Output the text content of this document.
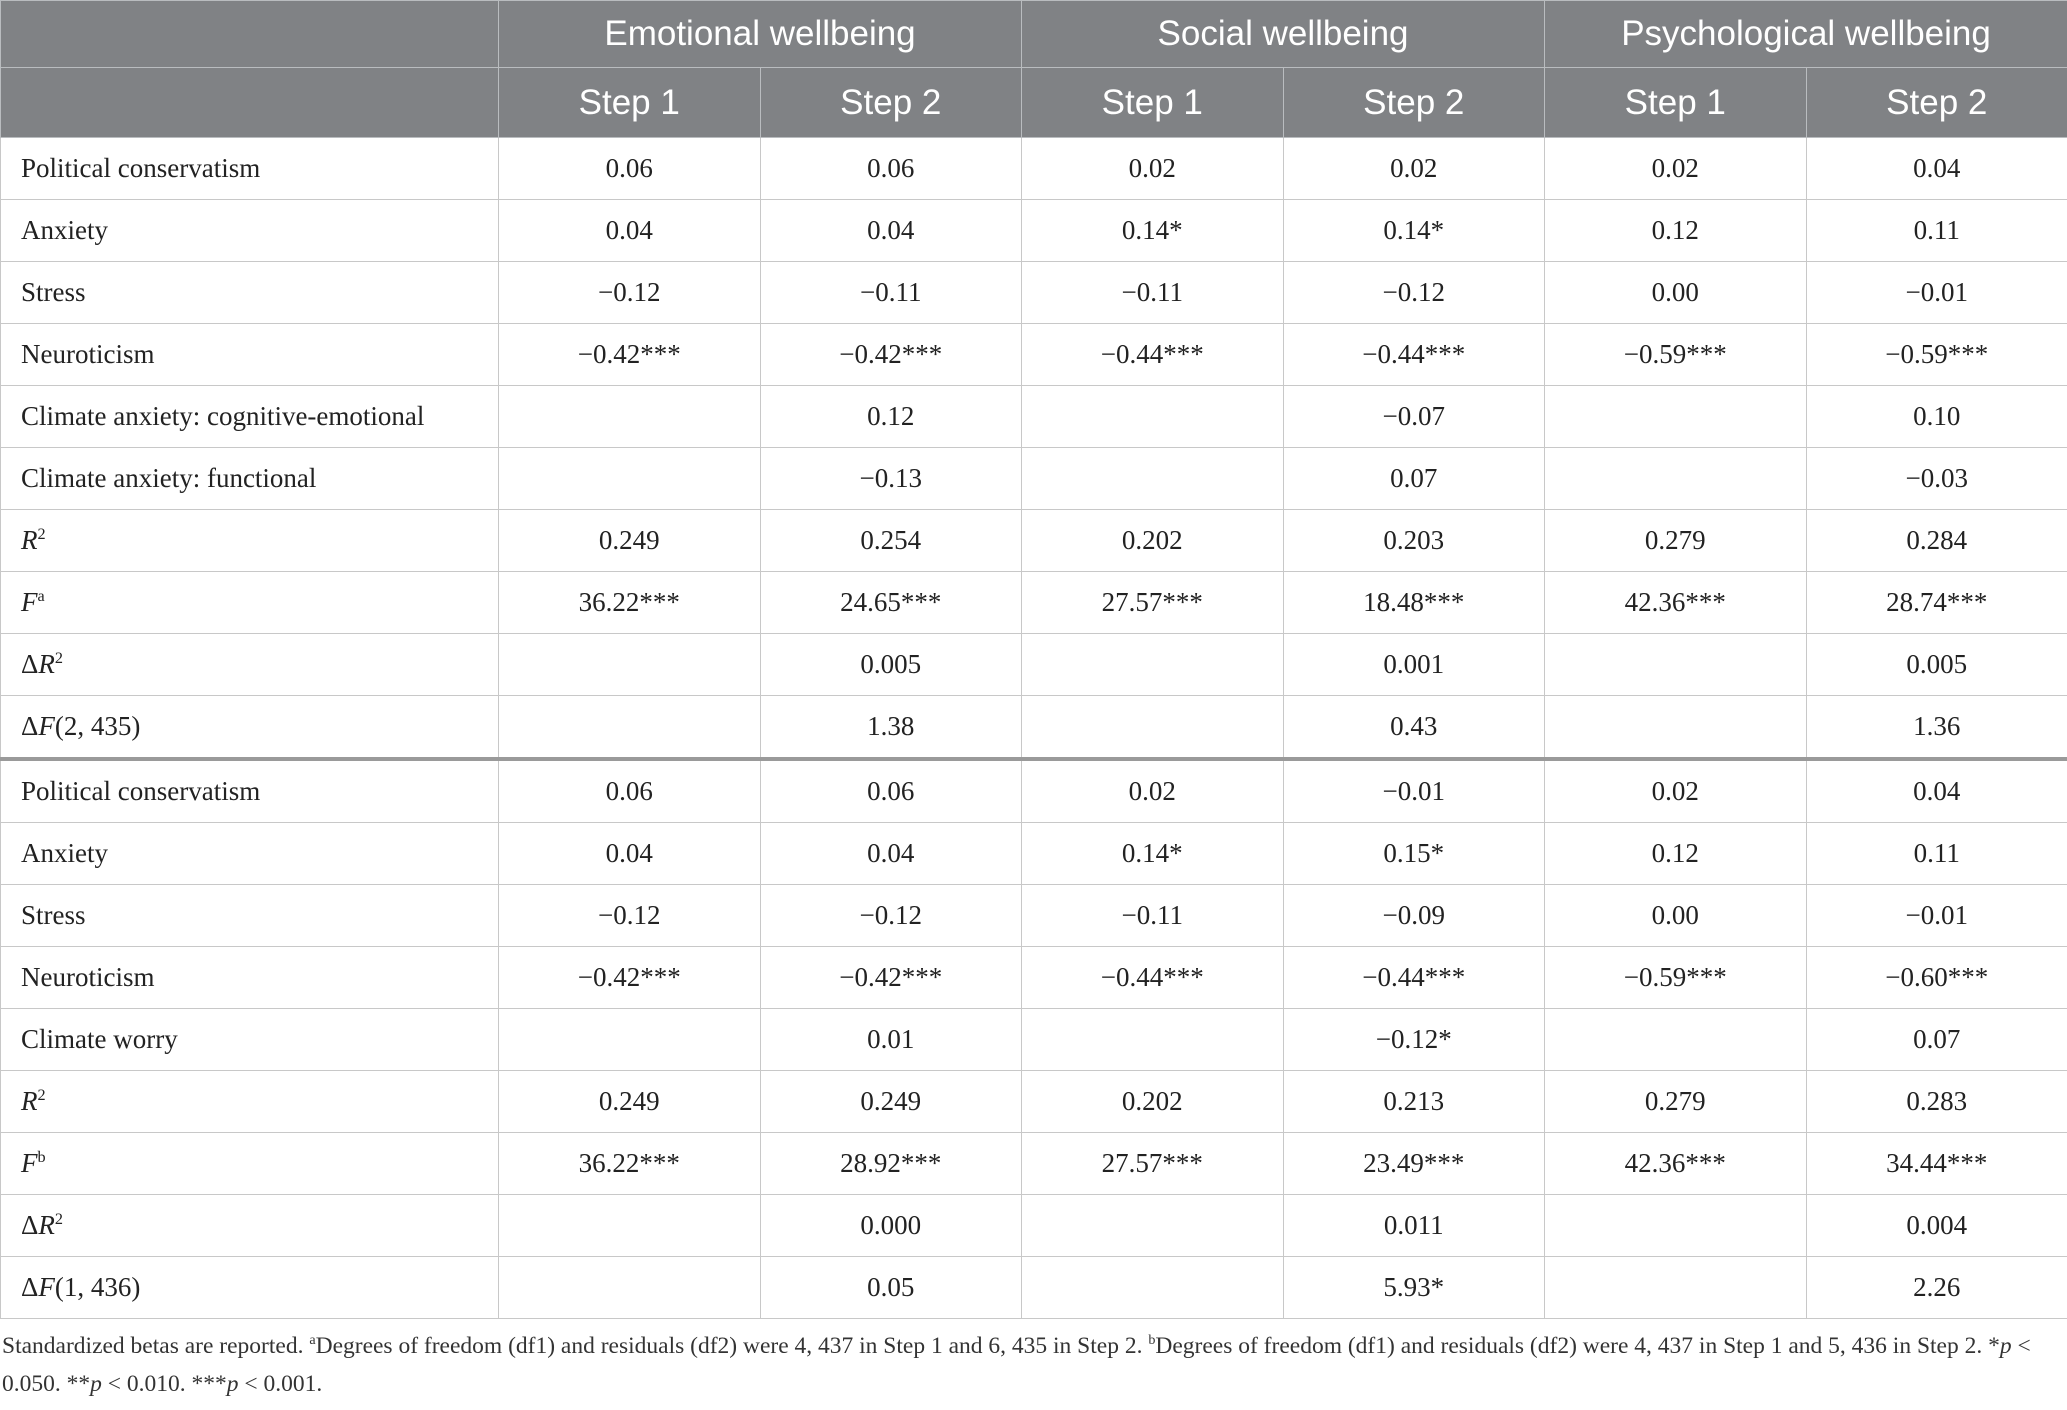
	Emotional wellbeing		Social wellbeing		Psychological wellbeing	
	Step 1	Step 2	Step 1	Step 2	Step 1	Step 2
Political conservatism	0.06	0.06	0.02	0.02	0.02	0.04
Anxiety	0.04	0.04	0.14*	0.14*	0.12	0.11
Stress	−0.12	−0.11	−0.11	−0.12	0.00	−0.01
Neuroticism	−0.42***	−0.42***	−0.44***	−0.44***	−0.59***	−0.59***
Climate anxiety: cognitive-emotional		0.12		−0.07		0.10
Climate anxiety: functional		−0.13		0.07		−0.03
$R^2$	0.249	0.254	0.202	0.203	0.279	0.284
$F^a$	36.22***	24.65***	27.57***	18.48***	42.36***	28.74***
$\Delta R^2$		0.005		0.001		0.005
ΔF(2, 435)		1.38		0.43		1.36
Political conservatism	0.06	0.06	0.02	−0.01	0.02	0.04
Anxiety	0.04	0.04	0.14*	0.15*	0.12	0.11
Stress	−0.12	−0.12	−0.11	−0.09	0.00	−0.01
Neuroticism	−0.42***	−0.42***	−0.44***	−0.44***	−0.59***	−0.60***
Climate worry		0.01		−0.12*		0.07
$R^2$	0.249	0.249	0.202	0.213	0.279	0.283
$F^b$	36.22***	28.92***	27.57***	23.49***	42.36***	34.44***
$\Delta R^2$		0.000		0.011		0.004
ΔF(1, 436)		0.05		5.93*		2.26
Standardized betas are reported. $^a$Degrees of freedom (df1) and residuals (df2) were 4, 437 in Step 1 and 6, 435 in Step 2. $^b$Degrees of freedom (df1) and residuals (df2) were 4, 437 in Step 1 and 5, 436 in Step 2. *p < 0.050. **p < 0.010. ***p < 0.001.
